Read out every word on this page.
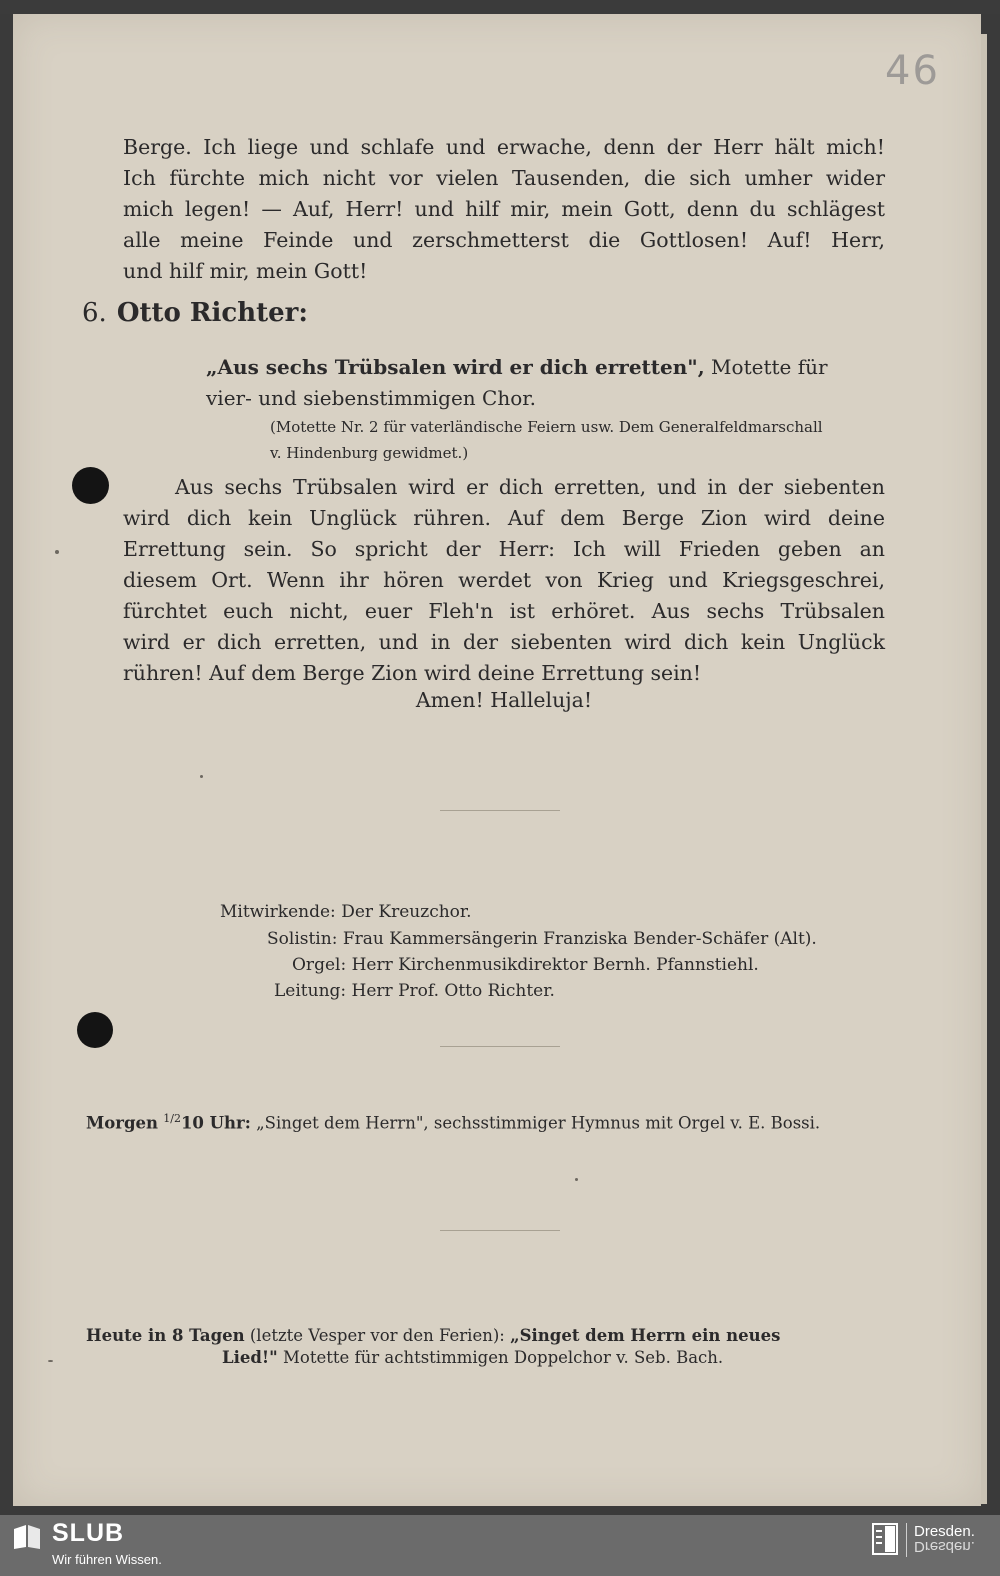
46
Berge. Ich liege und schlafe und erwache, denn der Herr hält mich!
Ich fürchte mich nicht vor vielen Tausenden, die sich umher wider
mich legen! — Auf, Herr! und hilf mir, mein Gott, denn du schlägest
alle meine Feinde und zerschmetterst die Gottlosen! Auf! Herr,
und hilf mir, mein Gott!
6. Otto Richter:
„Aus sechs Trübsalen wird er dich erretten", Motette für
vier- und siebenstimmigen Chor.
(Motette Nr. 2 für vaterländische Feiern usw. Dem Generalfeldmarschall
v. Hindenburg gewidmet.)
Aus sechs Trübsalen wird er dich erretten, und in der siebenten
wird dich kein Unglück rühren. Auf dem Berge Zion wird deine
Errettung sein. So spricht der Herr: Ich will Frieden geben an
diesem Ort. Wenn ihr hören werdet von Krieg und Kriegsgeschrei,
fürchtet euch nicht, euer Fleh'n ist erhöret. Aus sechs Trübsalen
wird er dich erretten, und in der siebenten wird dich kein Unglück
rühren! Auf dem Berge Zion wird deine Errettung sein!
Amen! Halleluja!
Mitwirkende: Der Kreuzchor.
Solistin: Frau Kammersängerin Franziska Bender-Schäfer (Alt).
Orgel: Herr Kirchenmusikdirektor Bernh. Pfannstiehl.
Leitung: Herr Prof. Otto Richter.
Morgen $^{1/2}$10 Uhr: „Singet dem Herrn", sechsstimmiger Hymnus mit Orgel v. E. Bossi.
Heute in 8 Tagen (letzte Vesper vor den Ferien): „Singet dem Herrn ein neues
Lied!" Motette für achtstimmigen Doppelchor v. Seb. Bach.
SLUB
Wir führen Wissen.
Dresden.
Dresden.
